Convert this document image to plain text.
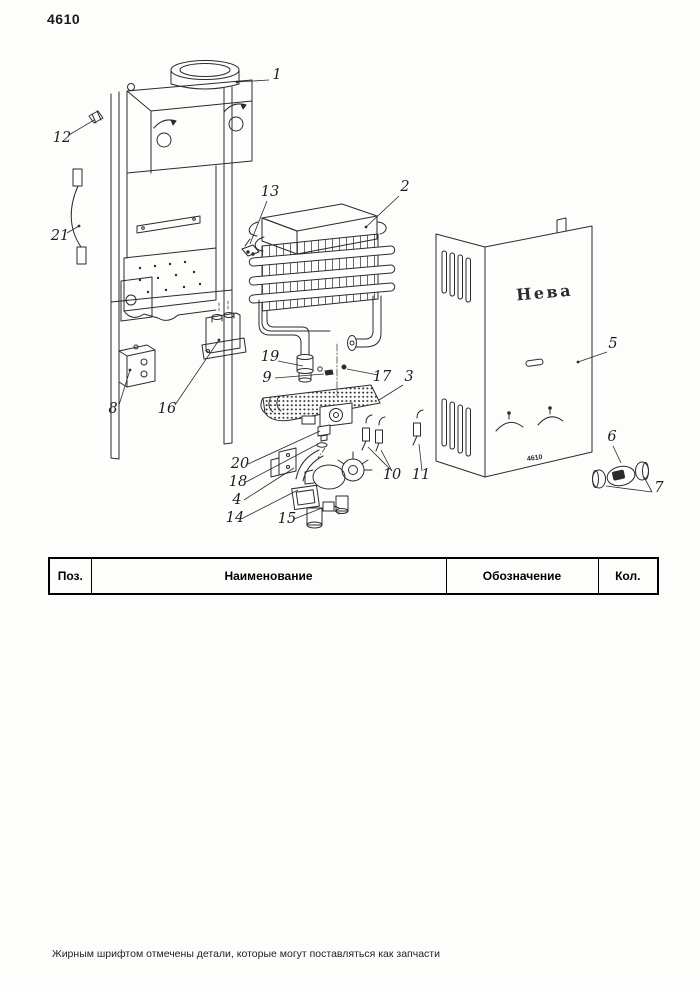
4610
Нева
4610
1
2
3
4
5
6
7
8
9
10 11
12
13
14 15
16
17
18
19
20
21
Поз.	Наименование	Обозначение	Кол.
Жирным шрифтом отмечены детали, которые могут поставляться как запчасти
